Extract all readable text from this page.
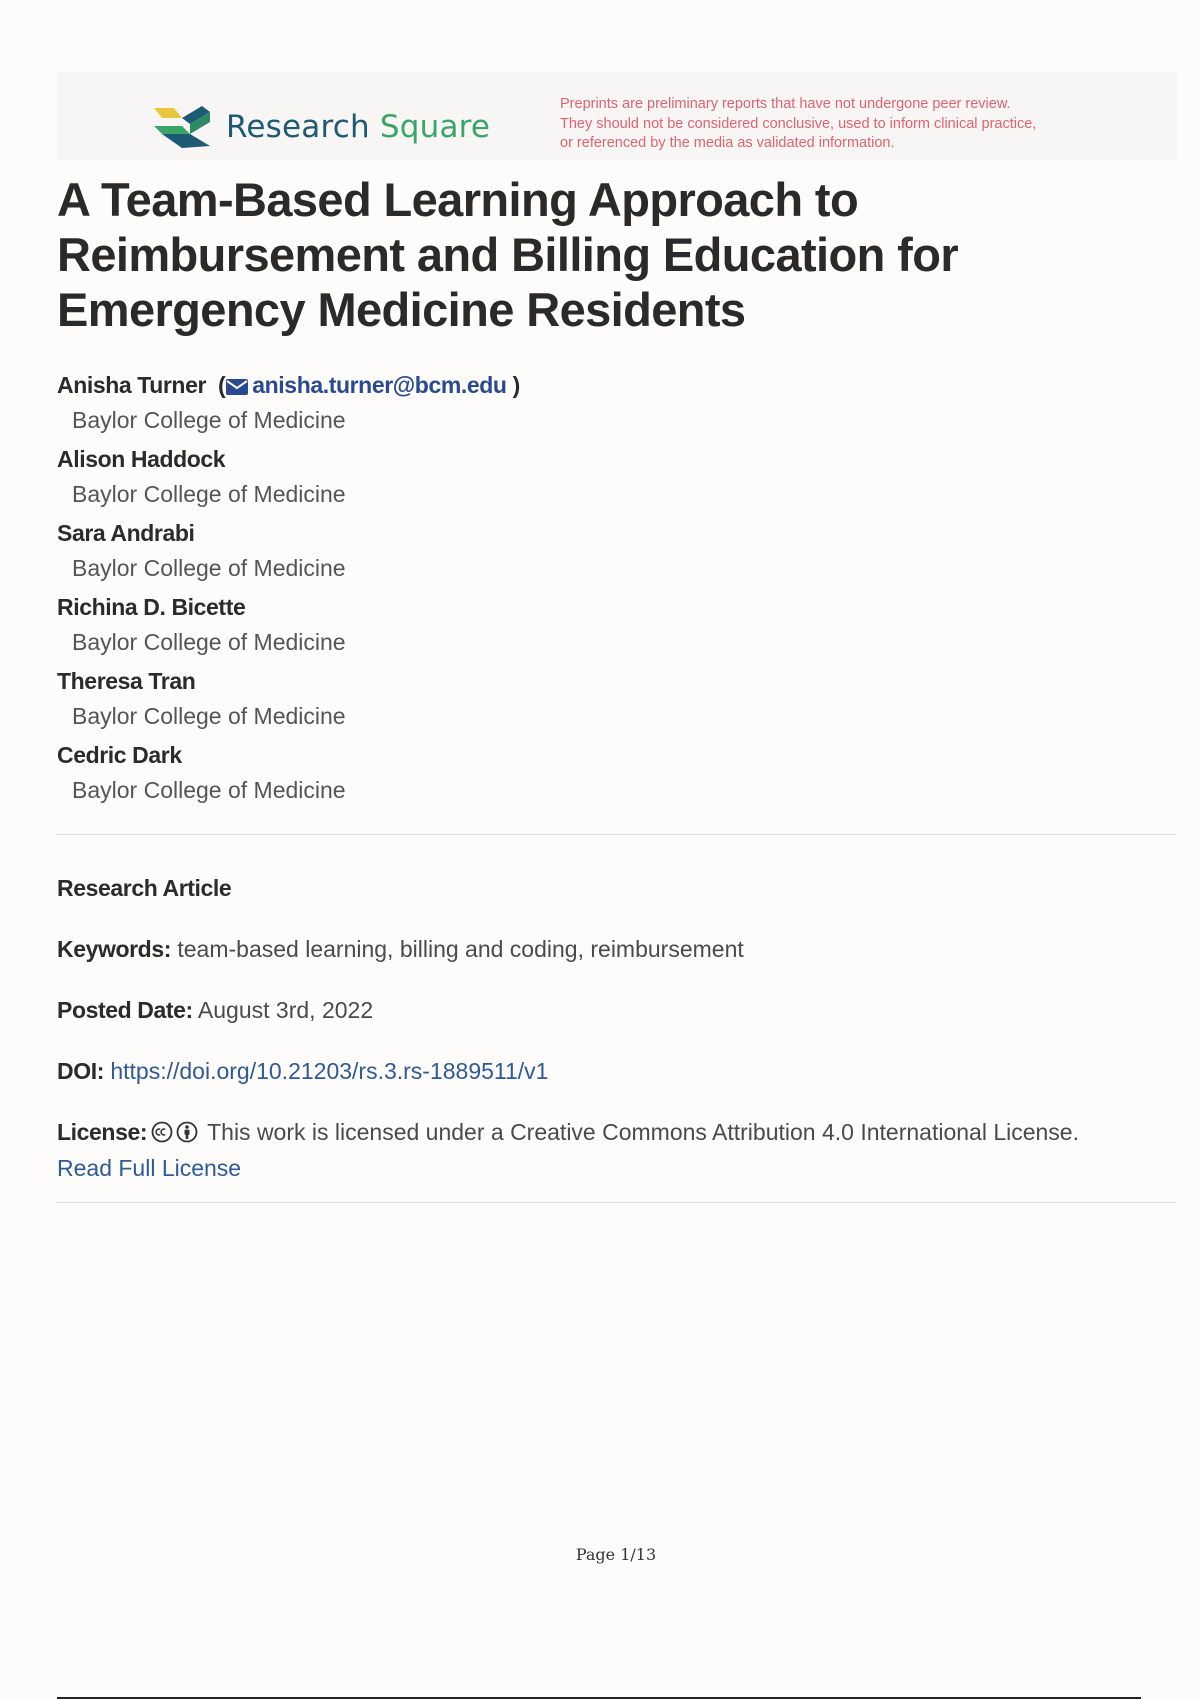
Research Square
Preprints are preliminary reports that have not undergone peer review.
They should not be considered conclusive, used to inform clinical practice,
or referenced by the media as validated information.
A Team-Based Learning Approach to
Reimbursement and Billing Education for
Emergency Medicine Residents
Anisha Turner  ( anisha.turner@bcm.edu )
Baylor College of Medicine
Alison Haddock
Baylor College of Medicine
Sara Andrabi
Baylor College of Medicine
Richina D. Bicette
Baylor College of Medicine
Theresa Tran
Baylor College of Medicine
Cedric Dark
Baylor College of Medicine
Research Article
Keywords: team-based learning, billing and coding, reimbursement
Posted Date: August 3rd, 2022
DOI: https://doi.org/10.21203/rs.3.rs-1889511/v1
License:	This work is licensed under a Creative Commons Attribution 4.0 International License.
Read Full License
Page 1/13
